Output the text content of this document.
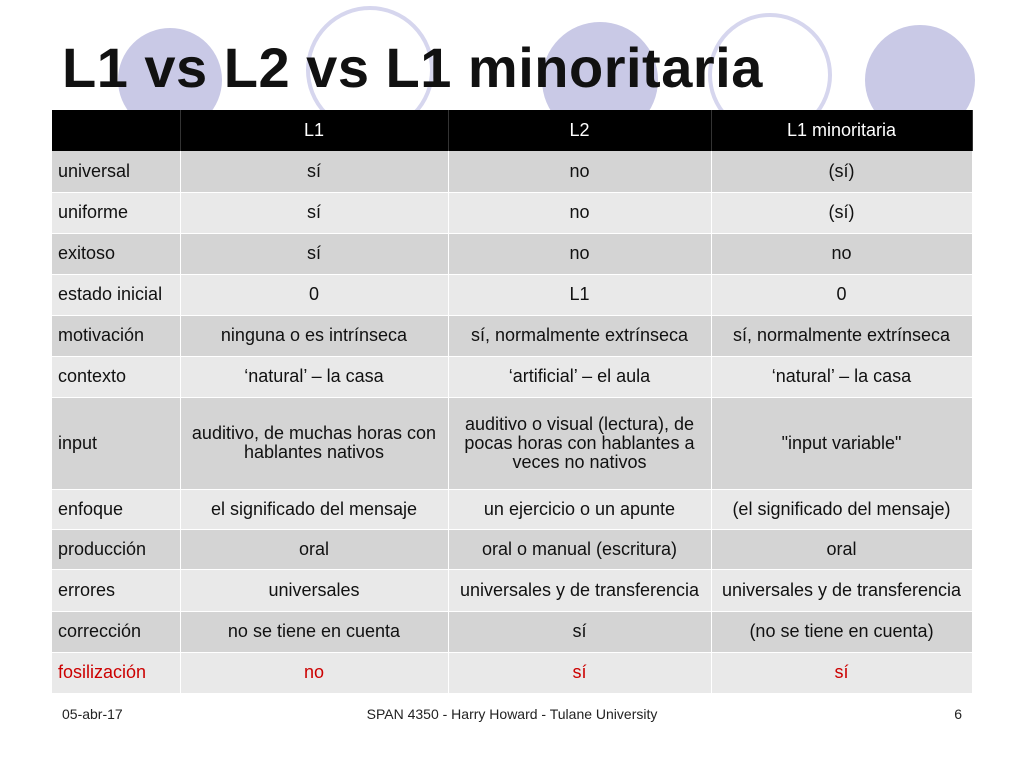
L1 vs L2 vs L1 minoritaria
	L1	L2	L1 minoritaria
universal	sí	no	(sí)
uniforme	sí	no	(sí)
exitoso	sí	no	no
estado inicial	0	L1	0
motivación	ninguna o es intrínseca	sí, normalmente extrínseca	sí, normalmente extrínseca
contexto	‘natural’ – la casa	‘artificial’ – el aula	‘natural’ – la casa
input	auditivo, de muchas horas con hablantes nativos	auditivo o visual (lectura), de pocas horas con hablantes a veces no nativos	"input variable"
enfoque	el significado del mensaje	un ejercicio o un apunte	(el significado del mensaje)
producción	oral	oral o manual (escritura)	oral
errores	universales	universales y de transferencia	universales y de transferencia
corrección	no se tiene en cuenta	sí	(no se tiene en cuenta)
fosilización	no	sí	sí
05-abr-17	SPAN 4350 - Harry Howard - Tulane University	6
